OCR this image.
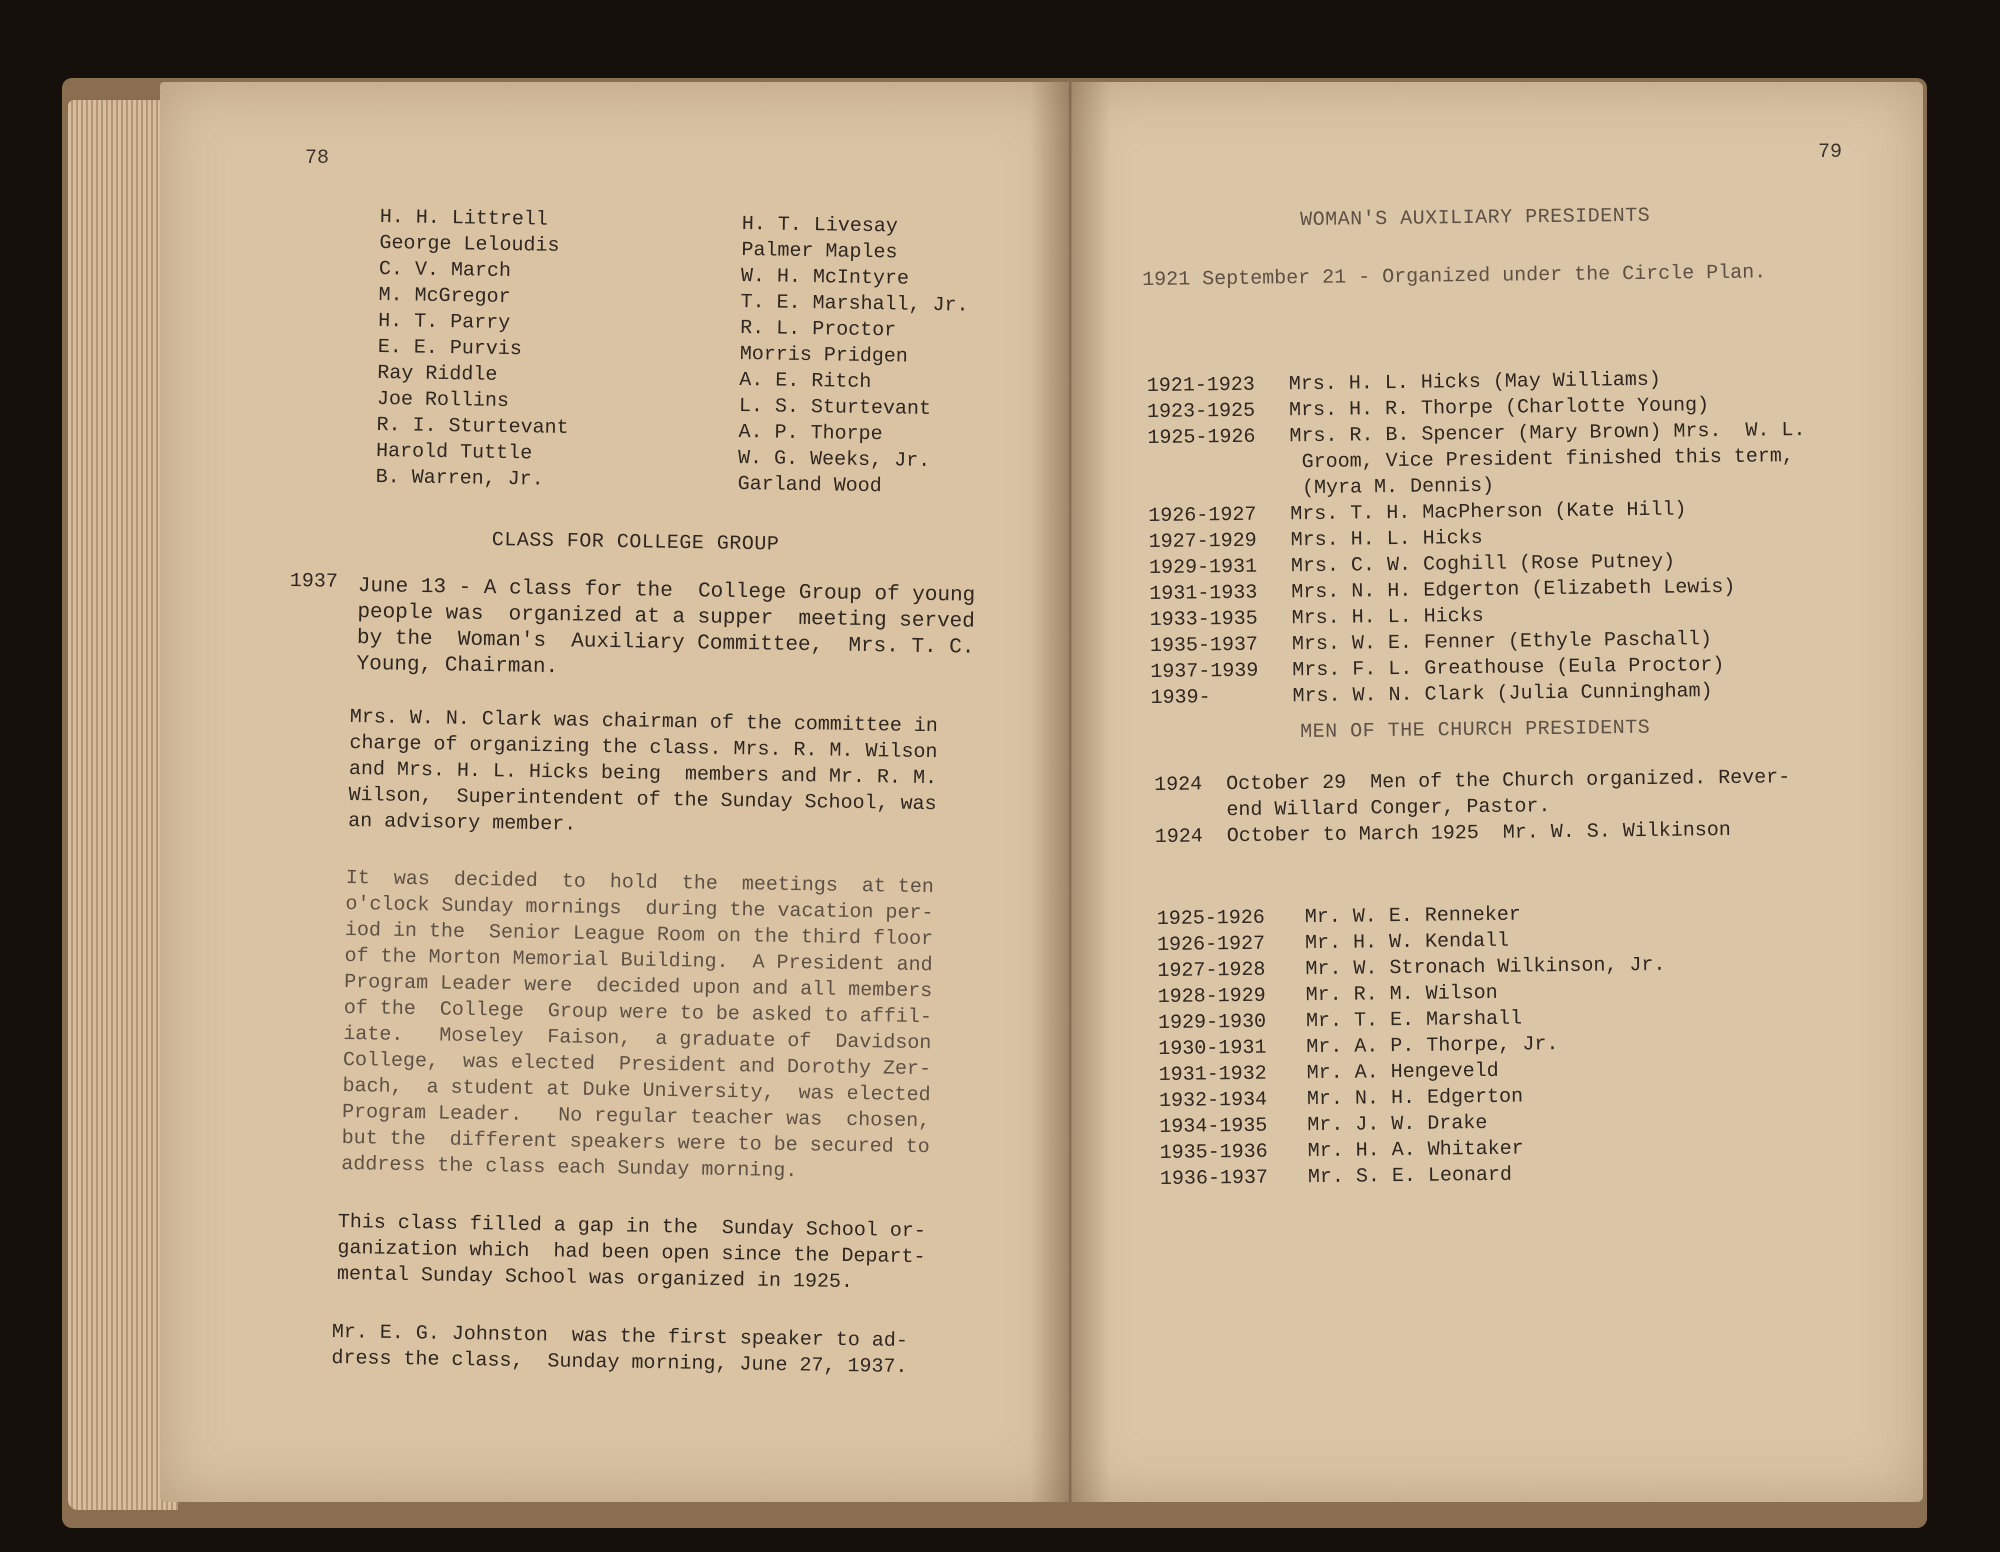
78
H. H. Littrell
George Leloudis
C. V. March
M. McGregor
H. T. Parry
E. E. Purvis
Ray Riddle
Joe Rollins
R. I. Sturtevant
Harold Tuttle
B. Warren, Jr.
H. T. Livesay
Palmer Maples
W. H. McIntyre
T. E. Marshall, Jr.
R. L. Proctor
Morris Pridgen
A. E. Ritch
L. S. Sturtevant
A. P. Thorpe
W. G. Weeks, Jr.
Garland Wood
CLASS FOR COLLEGE GROUP
1937 June 13 - A class for the  College Group of young
people was  organized at a supper  meeting served
by the  Woman's  Auxiliary Committee,  Mrs. T. C.
Young, Chairman.
Mrs. W. N. Clark was chairman of the committee in
charge of organizing the class. Mrs. R. M. Wilson
and Mrs. H. L. Hicks being  members and Mr. R. M.
Wilson,  Superintendent of the Sunday School, was
an advisory member.
It  was  decided  to  hold  the  meetings  at ten
o'clock Sunday mornings  during the vacation per-
iod in the  Senior League Room on the third floor
of the Morton Memorial Building.  A President and
Program Leader were  decided upon and all members
of the  College  Group were to be asked to affil-
iate.   Moseley  Faison,  a graduate of  Davidson
College,  was elected  President and Dorothy Zer-
bach,  a student at Duke University,  was elected
Program Leader.   No regular teacher was  chosen,
but the  different speakers were to be secured to
address the class each Sunday morning.
This class filled a gap in the  Sunday School or-
ganization which  had been open since the Depart-
mental Sunday School was organized in 1925.
Mr. E. G. Johnston  was the first speaker to ad-
dress the class,  Sunday morning, June 27, 1937.
79
WOMAN'S AUXILIARY PRESIDENTS
1921 September 21 - Organized under the Circle Plan.

1921-1923	Mrs. H. L. Hicks (May Williams)
1923-1925	Mrs. H. R. Thorpe (Charlotte Young)
1925-1926	Mrs. R. B. Spencer (Mary Brown) Mrs.  W. L.
Groom, Vice President finished this term,
(Myra M. Dennis)
1926-1927	Mrs. T. H. MacPherson (Kate Hill)
1927-1929	Mrs. H. L. Hicks
1929-1931	Mrs. C. W. Coghill (Rose Putney)
1931-1933	Mrs. N. H. Edgerton (Elizabeth Lewis)
1933-1935	Mrs. H. L. Hicks
1935-1937	Mrs. W. E. Fenner (Ethyle Paschall)
1937-1939	Mrs. F. L. Greathouse (Eula Proctor)
1939-	Mrs. W. N. Clark (Julia Cunningham)

MEN OF THE CHURCH PRESIDENTS
1924  October 29  Men of the Church organized. Rever-
end Willard Conger, Pastor.
1924  October to March 1925  Mr. W. S. Wilkinson

1925-1926	Mr. W. E. Renneker
1926-1927	Mr. H. W. Kendall
1927-1928	Mr. W. Stronach Wilkinson, Jr.
1928-1929	Mr. R. M. Wilson
1929-1930	Mr. T. E. Marshall
1930-1931	Mr. A. P. Thorpe, Jr.
1931-1932	Mr. A. Hengeveld
1932-1934	Mr. N. H. Edgerton
1934-1935	Mr. J. W. Drake
1935-1936	Mr. H. A. Whitaker
1936-1937	Mr. S. E. Leonard
